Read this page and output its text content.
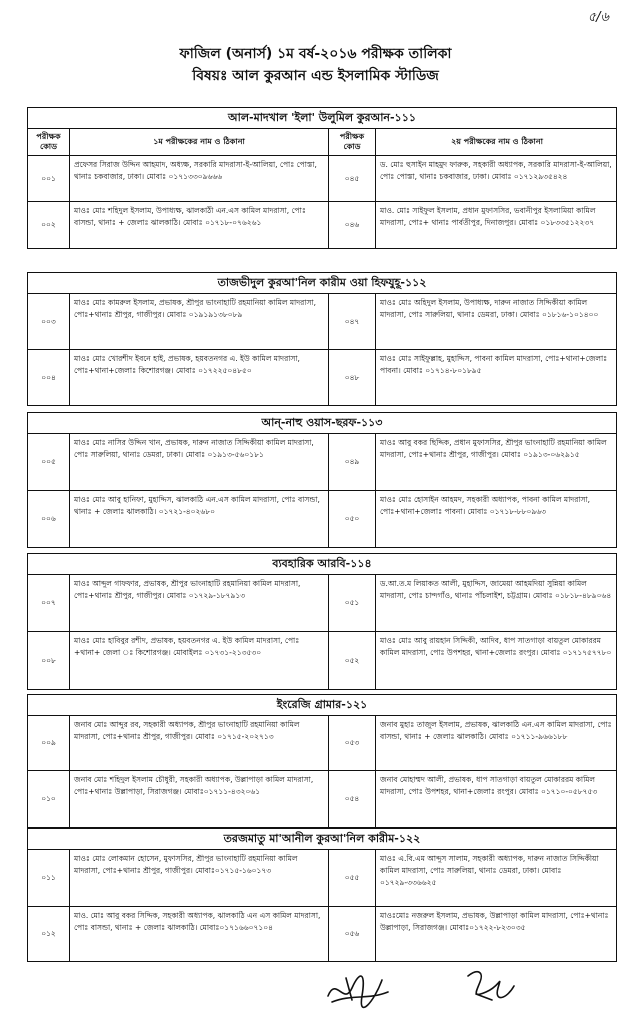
৫/৬
ফাজিল (অনার্স) ১ম বর্ষ-২০১৬ পরীক্ষক তালিকা
বিষয়ঃ আল কুরআন এন্ড ইসলামিক স্টাডিজ
আল-মাদখাল 'ইলা' উলুমিল কুরআন-১১১
পরীক্ষক কোড
১ম পরীক্ষকের নাম ও ঠিকানা
পরীক্ষক কোড
২য় পরীক্ষকের নাম ও ঠিকানা
০০১
প্রফেসর সিরাজ উদ্দিন আহমাদ, অধ্যক্ষ, সরকারি মাদরাসা-ই-আলিয়া, পোঃ পোস্তা, থানাঃ চকবাজার, ঢাকা। মোবাঃ ০১৭১৩৩০৯৬৬৬	০৪৫
ড. মোঃ হুসাইন মাহমুদ ফারুক, সহকারী অধ্যাপক, সরকারি মাদরাসা-ই-আলিয়া, পোঃ পোস্তা, থানাঃ চকবাজার, ঢাকা। মোবাঃ ০১৭১২৯৩৫৪২৪
০০২
মাওঃ মোঃ শহিদুল ইসলাম, উপাধ্যক্ষ, ঝালকাঠী এন.এস কামিল মাদরাসা, পোঃ বাসন্ডা, থানাঃ + জেলাঃ ঝালকাঠি। মোবাঃ ০১৭১৮-০৭৬২৬১	০৪৬
মাও. মোঃ সাইফুল ইসলাম, প্রধান মুফাসসির, ভবানীপুর ইসলামিয়া কামিল মাদরাসা, পোঃ+ থানাঃ পার্বতীপুর, দিনাজপুর। মোবাঃ ০১৮৩৩৫১২২৩৭
তাজভীদুল কুরআ'নিল কারীম ওয়া হিফযুহূ-১১২
০০৩
মাওঃ মোঃ কামরুল ইসলাম, প্রভাষক, শ্রীপুর ভাংনাহাটি রহমানিয়া কামিল মাদরাসা, পোঃ+থানাঃ শ্রীপুর, গাজীপুর। মোবাঃ ০১৯১৯১৩৮০৮৯
০৪৭
মাওঃ মোঃ অহিদুল ইসলাম, উপাধ্যক্ষ, দারুন নাজাত সিদ্দিকীয়া কামিল মাদরাসা, পোঃ সারুলিয়া, থানাঃ ডেমরা, ঢাকা। মোবাঃ ০১৮১৬-১০১৪০০
০০৪
মাওঃ মোঃ খোরশীদ ইবনে হাই, প্রভাষক, হয়বতনগর এ. ইউ কামিল মাদরাসা, পোঃ+থানা+জেলাঃ কিশোরগঞ্জ। মোবাঃ ০১৭২২৫০৪৮৫০
০৪৮
মাওঃ মোঃ সাইফুল্লাহ, মুহাদ্দিস, পাবনা কামিল মাদরাসা, পোঃ+থানা+জেলাঃ পাবনা। মোবাঃ ০১৭১৪-৮০১৮৯৫
আন্-নাহু ওয়াস-ছরফ-১১৩
০০৫
মাওঃ মোঃ নাসির উদ্দিন খান, প্রভাষক, দারুন নাজাত সিদ্দিকীয়া কামিল মাদরাসা, পোঃ সারুলিয়া, থানাঃ ডেমরা, ঢাকা। মোবাঃ ০১৯১৩-৫৬০১৮১
০৪৯
মাওঃ আবু বকর ছিদ্দিক, প্রধান মুফাসসির, শ্রীপুর ভাংনাহাটি রহমানিয়া কামিল মাদরাসা, পোঃ+থানাঃ শ্রীপুর, গাজীপুর। মোবাঃ ০১৯১৩-০৬২৯১৫
০০৬
মাওঃ মোঃ আবু হানিফা, মুহাদ্দিস, ঝালকাঠি এন.এস কামিল মাদরাসা, পোঃ বাসন্ডা, থানাঃ + জেলাঃ ঝালকাঠি। ০১৭২১-৪০২৬৮০
০৫০
মাওঃ মোঃ হোসাইন আহমদ, সহকারী অধ্যাপক, পাবনা কামিল মাদরাসা, পোঃ+থানা+জেলাঃ পাবনা। মোবাঃ ০১৭১৮-৮৮০৯৬৩
ব্যবহারিক আরবি-১১৪
০০৭
মাওঃ আব্দুল গাফফার, প্রভাষক, শ্রীপুর ভাংনাহাটি রহমানিয়া কামিল মাদরাসা, পোঃ+থানাঃ শ্রীপুর, গাজীপুর। মোবাঃ ০১৭২৯-১৮৭৯১৩
০৫১
ড.আ.ত.ম লিয়াকত আলী, মুহাদ্দিস, জামেয়া আহমদিয়া সুন্নিয়া কামিল মাদরাসা, পোঃ চান্দগাঁও, থানাঃ পাঁচলাইশ, চট্টগ্রাম। মোবাঃ ০১৮১৮-৪৮৯০৬৪
০০৮
মাওঃ মোঃ হাবিবুর রশীদ, প্রভাষক, হয়বতনগর এ. ইউ কামিল মাদরাসা, পোঃ +থানা+ জেলা ঃ কিশোরগঞ্জ। মোবাইলঃ ০১৭৩১-২১৩৫৩০
০৫২
মাওঃ মোঃ আবু রায়হান সিদ্দিকী, আদিব, ধাপ সাতগাড়া বায়তুল মোকাররম কামিল মাদরাসা, পোঃ উপশহর, থানা+জেলাঃ রংপুর। মোবাঃ ০১৭১৭৫৭৭৮০
ইংরেজি গ্রামার-১২১
০০৯
জনাব মোঃ আব্দুর রব, সহকারী অধ্যাপক, শ্রীপুর ভাংনাহাটি রহমানিয়া কামিল মাদরাসা, পোঃ+থানাঃ শ্রীপুর, গাজীপুর। মোবাঃ ০১৭১৫-২০২৭১৩
০৫৩
জনাব মুহাঃ তাজুল ইসলাম, প্রভাষক, ঝালকাঠি এন.এস কামিল মাদরাসা, পোঃ বাসন্ডা, থানাঃ + জেলাঃ ঝালকাঠি। মোবাঃ ০১৭১১-৯৬৬১৮৮
০১০
জনাব মোঃ শহিদুল ইসলাম চৌধুরী, সহকারী অধ্যাপক, উল্লাপাড়া কামিল মাদরাসা, পোঃ+থানাঃ উল্লাপাড়া, সিরাজগঞ্জ। মোবাঃ০১৭১১-৪৩২০৬১
০৫৪
জনাব মোহাম্মদ আলী, প্রভাষক, ধাপ সাতগাড়া বায়তুল মোকাররম কামিল মাদরাসা, পোঃ উপশহর, থানা+জেলাঃ রংপুর। মোবাঃ ০১৭১০-০৫৮৭৫৩
তরজমাতু মা'আনীল কুরআ'নিল কারীম-১২২
০১১
মাওঃ মোঃ লোকমান হোসেন, মুফাসসির, শ্রীপুর ভাংনাহাটি রহমানিয়া কামিল মাদরাসা, পোঃ+থানাঃ শ্রীপুর, গাজীপুর। মোবাঃ০১৭১৫-১৬০১৭৩
০৫৫
মাওঃ এ.বি.এম আব্দুস সালাম, সহকারী অধ্যাপক, দারুন নাজাত সিদ্দিকীয়া কামিল মাদরাসা, পোঃ সারুলিয়া, থানাঃ ডেমরা, ঢাকা। মোবাঃ ০১৭২৯-৩৩৬৬২৫
০১২
মাও. মোঃ আবু বকর সিদ্দিক, সহকারী অধ্যাপক, ঝালকাঠি এন এস কামিল মাদরাসা, পোঃ বাসন্ডা, থানাঃ + জেলাঃ ঝালকাঠি। মোবাঃ০১৭১৬৬০৭১০৪
০৫৬
মাওঃমোঃ নজরুল ইসলাম, প্রভাষক, উল্লাপাড়া কামিল মাদরাসা, পোঃ+থানাঃ উল্লাপাড়া, সিরাজগঞ্জ। মোবাঃ০১৭২২-৮২৩০৩৫
